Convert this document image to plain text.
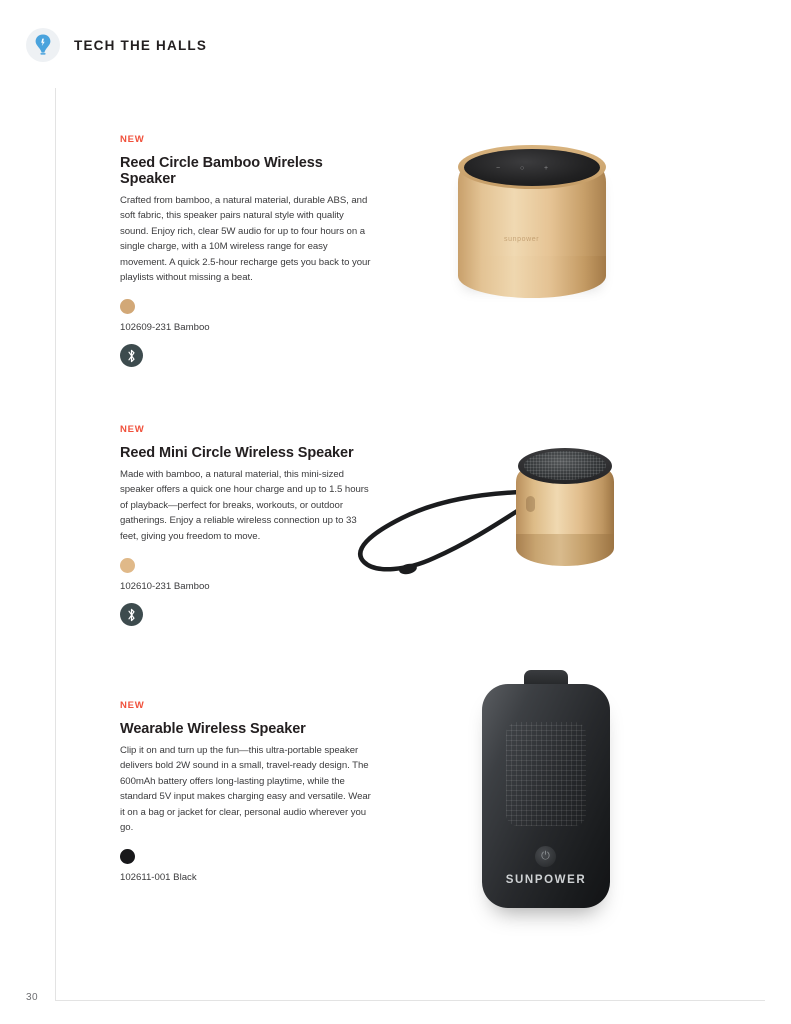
TECH THE HALLS
30
NEW
Reed Circle Bamboo Wireless Speaker
Crafted from bamboo, a natural material, durable ABS, and soft fabric, this speaker pairs natural style with quality sound. Enjoy rich, clear 5W audio for up to four hours on a single charge, with a 10M wireless range for easy movement. A quick 2.5-hour recharge gets you back to your playlists without missing a beat.
102609-231 Bamboo
−	○	+
sunpower
NEW
Reed Mini Circle Wireless Speaker
Made with bamboo, a natural material, this mini-sized speaker offers a quick one hour charge and up to 1.5 hours of playback—perfect for breaks, workouts, or outdoor gatherings. Enjoy a reliable wireless connection up to 33 feet, giving you freedom to move.
102610-231 Bamboo
NEW
Wearable Wireless Speaker
Clip it on and turn up the fun—this ultra-portable speaker delivers bold 2W sound in a small, travel-ready design. The 600mAh battery offers long-lasting playtime, while the standard 5V input makes charging easy and versatile. Wear it on a bag or jacket for clear, personal audio wherever you go.
102611-001 Black
⏻
SUNPOWER
